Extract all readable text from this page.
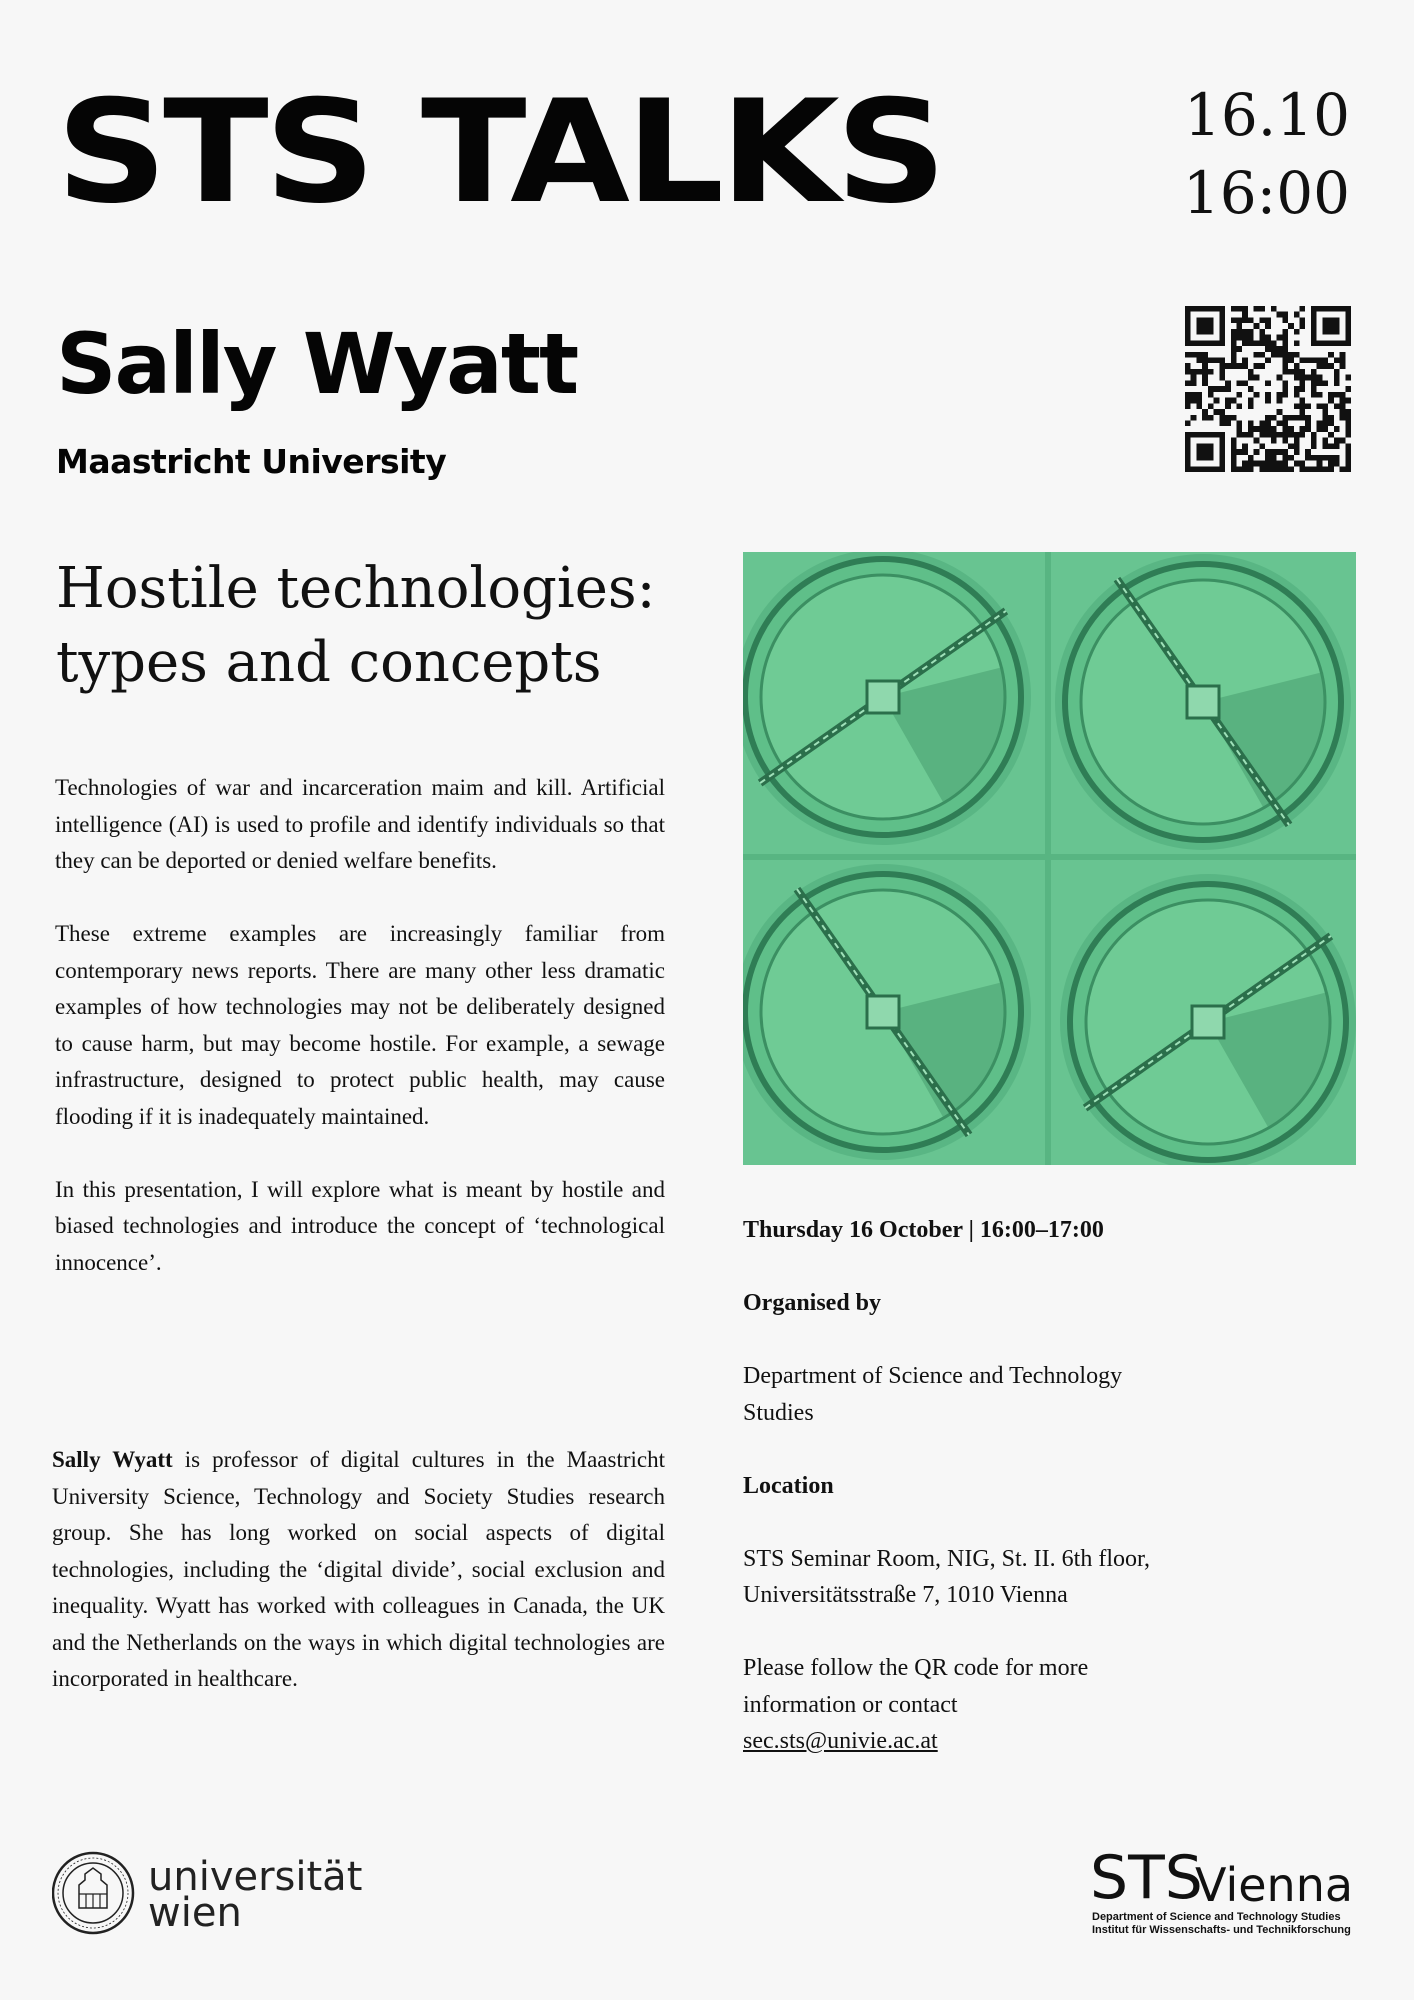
STS TALKS	16.10
16:00
Sally Wyatt
Maastricht University
Hostile technologies:
types and concepts

Technologies of war and incarceration maim and kill. Artificial intelligence (AI) is used to profile and identify individuals so that they can be deported or denied welfare benefits.

These extreme examples are increasingly familiar from contemporary news reports. There are many other less dramatic examples of how technologies may not be deliberately designed to cause harm, but may become hostile. For example, a sewage infrastructure, designed to protect public health, may cause flooding if it is inadequately maintained.

In this presentation, I will explore what is meant by hostile and biased technologies and introduce the concept of ‘technological innocence’.

Sally Wyatt is professor of digital cultures in the Maastricht University Science, Technology and Society Studies research group. She has long worked on social aspects of digital technologies, including the ‘digital divide’, social exclusion and inequality. Wyatt has worked with colleagues in Canada, the UK and the Netherlands on the ways in which digital technologies are incorporated in healthcare.

Thursday 16 October | 16:00–17:00
Organised by
Department of Science and Technology
Studies
Location
STS Seminar Room, NIG, St. II. 6th floor,
Universitätsstraße 7, 1010 Vienna
Please follow the QR code for more
information or contact
sec.sts@univie.ac.at
universität
wien	STS
Vienna
Department of Science and Technology Studies
Institut für Wissenschafts- und Technikforschung
